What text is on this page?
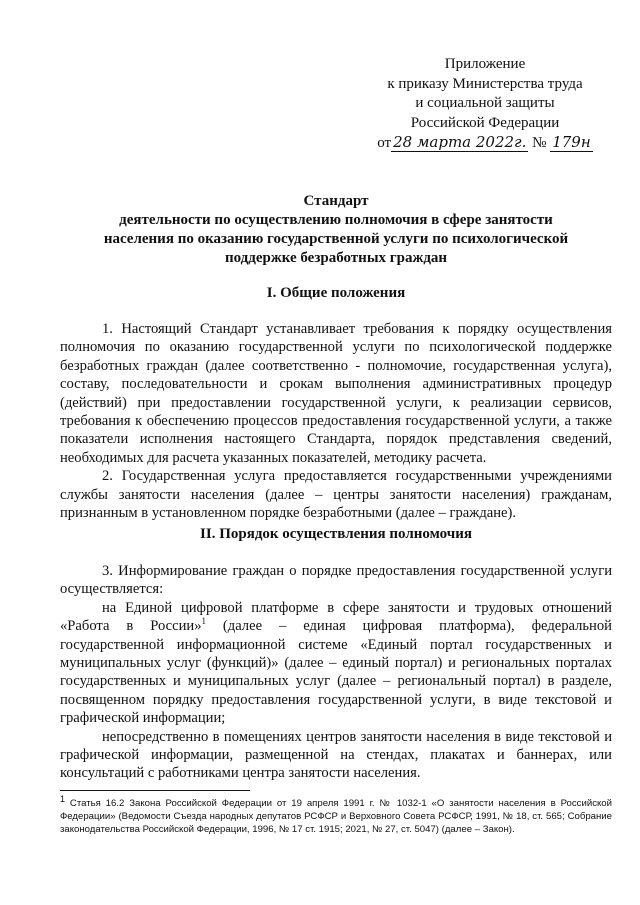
Приложение
к приказу Министерства труда
и социальной защиты
Российской Федерации
от 28 марта 2022г. № 179н
Стандарт
деятельности по осуществлению полномочия в сфере занятости
населения по оказанию государственной услуги по психологической
поддержке безработных граждан
I. Общие положения

1. Настоящий Стандарт устанавливает требования к порядку осуществления полномочия по оказанию государственной услуги по психологической поддержке безработных граждан (далее соответственно - полномочие, государственная услуга), составу, последовательности и срокам выполнения административных процедур (действий) при предоставлении государственной услуги, к реализации сервисов, требования к обеспечению процессов предоставления государственной услуги, а также показатели исполнения настоящего Стандарта, порядок представления сведений, необходимых для расчета указанных показателей, методику расчета.

2. Государственная услуга предоставляется государственными учреждениями службы занятости населения (далее – центры занятости населения) гражданам, признанным в установленном порядке безработными (далее – граждане).

II. Порядок осуществления полномочия

3. Информирование граждан о порядке предоставления государственной услуги осуществляется:

на Единой цифровой платформе в сфере занятости и трудовых отношений «Работа в России»$^1$ (далее – единая цифровая платформа), федеральной государственной информационной системе «Единый портал государственных и муниципальных услуг (функций)» (далее – единый портал) и региональных порталах государственных и муниципальных услуг (далее – региональный портал) в разделе, посвященном порядку предоставления государственной услуги, в виде текстовой и графической информации;

непосредственно в помещениях центров занятости населения в виде текстовой и графической информации, размещенной на стендах, плакатах и баннерах, или консультаций с работниками центра занятости населения.

$^1$ Статья 16.2 Закона Российской Федерации от 19 апреля 1991 г. № 1032-1 «О занятости населения в Российской Федерации» (Ведомости Съезда народных депутатов РСФСР и Верховного Совета РСФСР, 1991, № 18, ст. 565; Собрание законодательства Российской Федерации, 1996, № 17 ст. 1915; 2021, № 27, ст. 5047) (далее – Закон).
